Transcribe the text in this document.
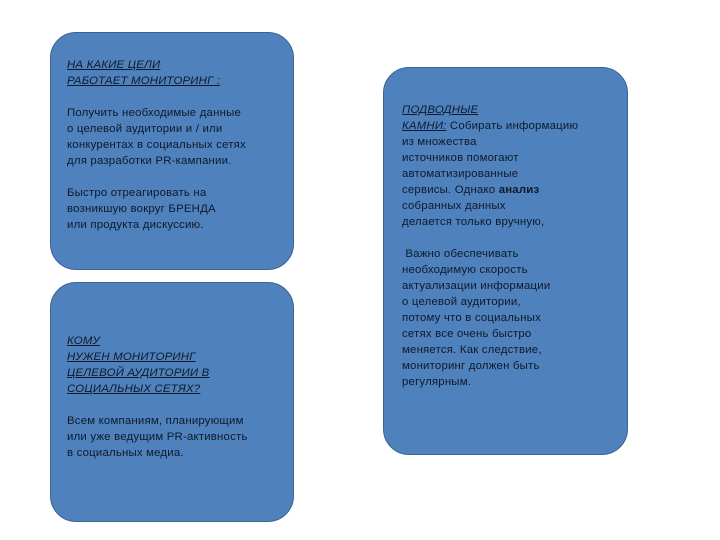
НА КАКИЕ ЦЕЛИ
РАБОТАЕТ МОНИТОРИНГ :

Получить необходимые данные
о целевой аудитории и / или
конкурентах в социальных сетях
для разработки PR-кампании.

Быстро отреагировать на
возникшую вокруг БРЕНДА
или продукта дискуссию.

КОМУ
НУЖЕН МОНИТОРИНГ
ЦЕЛЕВОЙ АУДИТОРИИ В
СОЦИАЛЬНЫХ СЕТЯХ?

Всем компаниям, планирующим
или уже ведущим PR-активность
в социальных медиа.

ПОДВОДНЫЕ
КАМНИ: Собирать информацию
из множества
источников помогают
автоматизированные
сервисы. Однако анализ
собранных данных
делается только вручную,

Важно обеспечивать
необходимую скорость
актуализации информации
о целевой аудитории,
потому что в социальных
сетях все очень быстро
меняется. Как следствие,
мониторинг должен быть
регулярным.
